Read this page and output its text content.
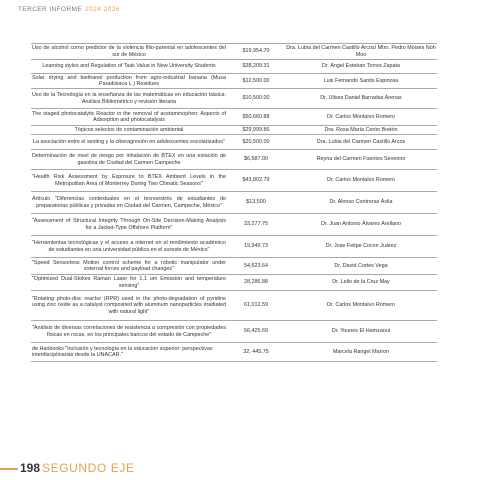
TERCER INFORME 2024-2026
Uso de alcohol como predictor de la violencia filio-parental en adolescentes del sur de México	$19,954.70	Dra. Lubia del Carmen Castillo Arcos/ Mtro. Pedro Moises Noh Moo
Learning styles and Regulation of Task Value in New University Students	$38,209.31	Dr. Ángel Esteban Torres Zapata
Solar drying and biethanol production from agro-industrial banana (Musa Paradisiaca L.) Residues	$12,500.00	Luis Fernando Santis Espinosa
Uso de la Tecnología en la enseñanza de las matemáticas en educación básica: Análisis Bibliométrico y revisión literaria	$10,500.00	Dr. Ulises Daniel Barradas Arenas
The staged photocatalytic Reactor in the removal of acetaminophen: Aspects of Adsorption and photocatalysis	$50,660.88	Dr. Carlos Montalvo Romero
Tópicos selectos de contaminación ambiental	$29,999.86	Dra. Rosa María Cerón Bretón
La asociación entre el sexting y la ciberagresión en adolescentes escolarizados"	$20,500.00	Dra. Lubia del Carmen Castillo Arcos
Determinación de nivel de riesgo por inhalación de BTEX en una estación de gasolina de Ciudad del Carmen Campeche	$6,587.00	Reyna del Carmen Fuentes Severino
"Health Risk Assessment by Exposure to BTEX Ambient Levels in the Metropolitan Area of Monterrey During Two Climatic Seasons"	$43,802.79	Dr. Carlos Montalvo Romero
Artículo "Diferencias contextuales en el tecnoestrés de estudiantes de preparatorias públicas y privadas en Ciudad del Carmen, Campeche, México"	$13,500	Dr. Alonso Contreras Ávila
"Assessment of Structural Integrity Through On-Site Decision-Making Analysis for a Jacket-Type Offshore Platform"	33,277.75	Dr. Juan Antonio Álvarez Arellano
"Herramientas tecnológicas y el acceso a internet en el rendimiento académico de estudiantes en una universidad pública en el sureste de México"	19,949.73	Dr. Jose Felipe Cocon Juárez
"Speed Sensorless Motion control scheme for a robotic manipulator under external forces and payload changes"	54,623.64	Dr. David Cortes Vega
"Optimized Dual-Stokes Raman Laser for 1.1 um Emission and temperature sensing"	28,286.88	Dr. Lelio de la Cruz May
"Rotating photo-disc reactor (RPR) used in the photo-degradation of pyridine using zinc oxide as a catalyst composited with aluminum nanoparticles irradiated with natural light"	61,012.59	Dr. Carlos Montalvo Romero
"Análisis de diversas correlaciones de resistencia a compresión con propiedades físicas en rocas, en los principales bancos del estado de Campeche"	56,425.69	Dr. Younes El Hamzaoui
de Hanbooks "Inclusión y tecnología en la educación superior: perspectivas interdisciplinarias desde la UNACAR."	32, 445.75	Marcela Rangel Marron
198 SEGUNDO EJE
